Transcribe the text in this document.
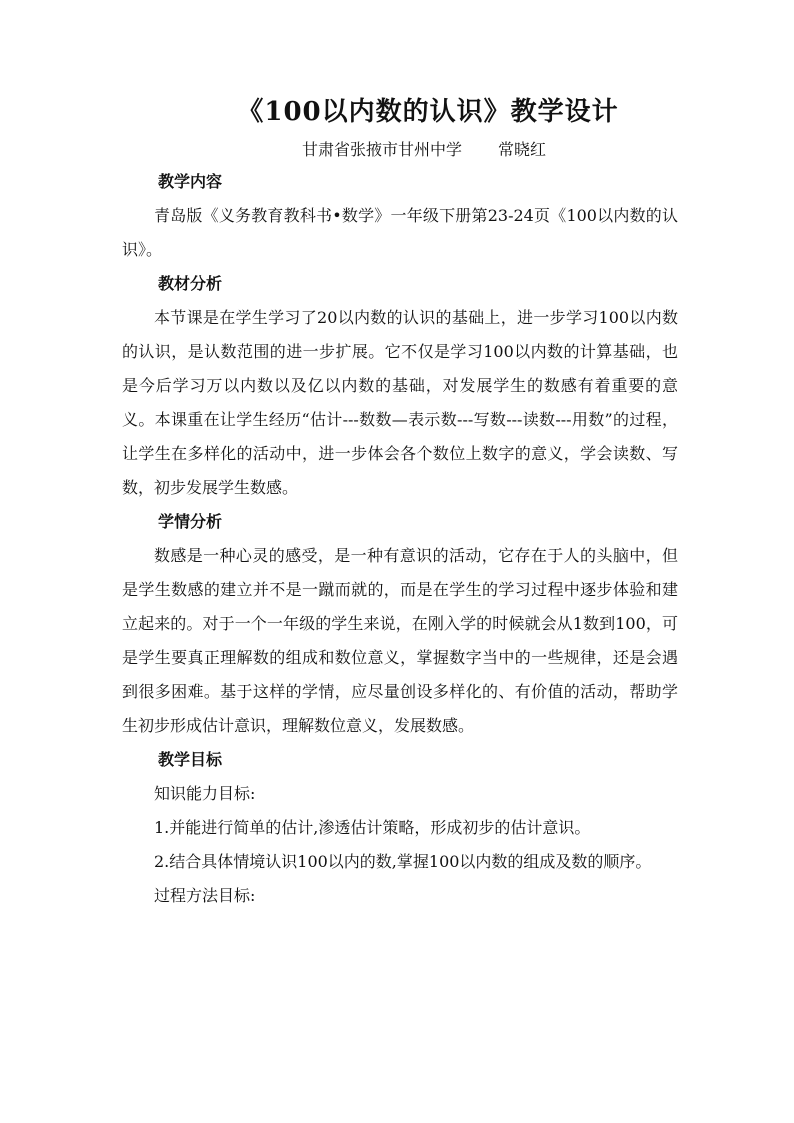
《100以内数的认识》教学设计
甘肃省张掖市甘州中学 常晓红

教学内容

青岛版《义务教育教科书•数学》一年级下册第23-24页《100以内数的认识》。

教材分析

本节课是在学生学习了20以内数的认识的基础上，进一步学习100以内数的认识，是认数范围的进一步扩展。它不仅是学习100以内数的计算基础，也是今后学习万以内数以及亿以内数的基础，对发展学生的数感有着重要的意义。本课重在让学生经历“估计---数数—表示数---写数---读数---用数”的过程，让学生在多样化的活动中，进一步体会各个数位上数字的意义，学会读数、写数，初步发展学生数感。

学情分析

数感是一种心灵的感受，是一种有意识的活动，它存在于人的头脑中，但是学生数感的建立并不是一蹴而就的，而是在学生的学习过程中逐步体验和建立起来的。对于一个一年级的学生来说，在刚入学的时候就会从1数到100，可是学生要真正理解数的组成和数位意义，掌握数字当中的一些规律，还是会遇到很多困难。基于这样的学情，应尽量创设多样化的、有价值的活动，帮助学生初步形成估计意识，理解数位意义，发展数感。

教学目标

知识能力目标:

1.并能进行简单的估计,渗透估计策略，形成初步的估计意识。

2.结合具体情境认识100以内的数,掌握100以内数的组成及数的顺序。

过程方法目标:
